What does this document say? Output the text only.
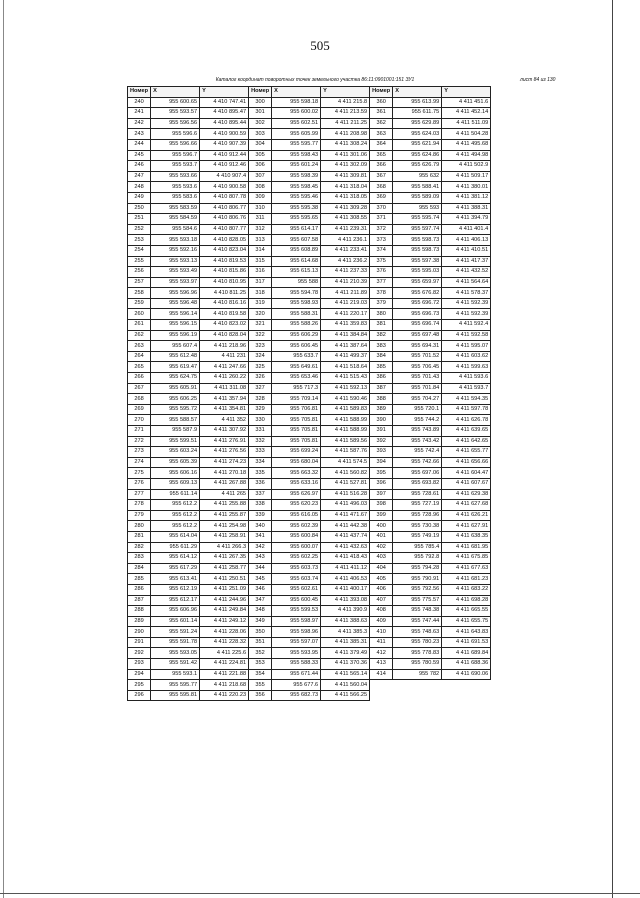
505
Каталог координат поворотных точек земельного участка 86:11:0901001:151 ЗУ1	лист 84 из 130
Номер	X	Y	Номер	X	Y	Номер	X	Y
240	955 600.65	4 410 747.41	300	955 598.18	4 411 215.8	360	955 613.99	4 411 451.6
241	955 593.57	4 410 895.47	301	955 600.02	4 411 213.59	361	955 611.75	4 411 452.14
242	955 596.56	4 410 895.44	302	955 602.51	4 411 211.25	362	955 629.89	4 411 511.09
243	955 596.6	4 410 900.59	303	955 605.99	4 411 208.98	363	955 624.03	4 411 504.28
244	955 596.66	4 410 907.39	304	955 595.77	4 411 308.24	364	955 621.94	4 411 495.68
245	955 596.7	4 410 912.44	305	955 598.43	4 411 301.06	365	955 624.86	4 411 494.98
246	955 593.7	4 410 912.46	306	955 601.24	4 411 302.09	366	955 626.79	4 411 502.9
247	955 593.66	4 410 907.4	307	955 598.39	4 411 309.81	367	955 632	4 411 509.17
248	955 593.6	4 410 900.58	308	955 598.45	4 411 318.04	368	955 588.41	4 411 380.01
249	955 583.6	4 410 807.78	309	955 595.46	4 411 318.05	369	955 589.09	4 411 381.12
250	955 583.59	4 410 806.77	310	955 595.38	4 411 309.28	370	955 593	4 411 388.31
251	955 584.59	4 410 806.76	311	955 595.65	4 411 308.55	371	955 595.74	4 411 394.79
252	955 584.6	4 410 807.77	312	955 614.17	4 411 239.31	372	955 597.74	4 411 401.4
253	955 593.18	4 410 828.05	313	955 607.58	4 411 236.1	373	955 598.73	4 411 406.13
254	955 592.16	4 410 823.04	314	955 608.89	4 411 233.41	374	955 598.73	4 411 410.51
255	955 593.13	4 410 819.53	315	955 614.68	4 411 236.2	375	955 597.38	4 411 417.37
256	955 593.49	4 410 815.86	316	955 615.13	4 411 237.33	376	955 595.03	4 411 432.52
257	955 593.97	4 410 810.95	317	955 588	4 411 210.39	377	955 659.97	4 411 564.64
258	955 596.96	4 410 811.25	318	955 594.78	4 411 211.89	378	955 676.82	4 411 578.37
259	955 596.48	4 410 816.16	319	955 598.93	4 411 219.03	379	955 696.72	4 411 592.39
260	955 596.14	4 410 819.58	320	955 588.31	4 411 220.17	380	955 696.73	4 411 592.39
261	955 596.15	4 410 823.02	321	955 588.26	4 411 359.83	381	955 696.74	4 411 592.4
262	955 596.19	4 410 828.04	322	955 606.29	4 411 384.84	382	955 697.48	4 411 592.58
263	955 607.4	4 411 218.96	323	955 606.45	4 411 387.64	383	955 694.31	4 411 595.07
264	955 612.48	4 411 231	324	955 633.7	4 411 499.37	384	955 701.52	4 411 603.62
265	955 619.47	4 411 247.66	325	955 649.61	4 411 518.64	385	955 706.45	4 411 599.63
266	955 624.75	4 411 260.22	326	955 653.46	4 411 515.43	386	955 701.43	4 411 593.6
267	955 605.91	4 411 311.08	327	955 717.3	4 411 592.13	387	955 701.84	4 411 593.7
268	955 606.25	4 411 357.94	328	955 709.14	4 411 590.46	388	955 704.27	4 411 594.35
269	955 595.72	4 411 354.81	329	955 706.81	4 411 589.83	389	955 720.1	4 411 597.78
270	955 588.57	4 411 352	330	955 705.81	4 411 588.99	390	955 744.2	4 411 626.78
271	955 587.9	4 411 307.92	331	955 705.81	4 411 588.99	391	955 743.89	4 411 639.65
272	955 599.51	4 411 276.91	332	955 705.81	4 411 589.56	392	955 743.42	4 411 642.65
273	955 603.24	4 411 276.56	333	955 699.24	4 411 587.76	393	955 742.4	4 411 655.77
274	955 605.39	4 411 274.23	334	955 680.04	4 411 574.5	394	955 742.66	4 411 656.66
275	955 606.16	4 411 270.18	335	955 663.32	4 411 560.82	395	955 697.06	4 411 604.47
276	955 609.13	4 411 267.88	336	955 633.16	4 411 527.81	396	955 693.82	4 411 607.67
277	955 611.14	4 411 265	337	955 626.97	4 411 516.28	397	955 728.61	4 411 629.38
278	955 612.2	4 411 255.88	338	955 620.23	4 411 496.03	398	955 727.19	4 411 627.68
279	955 612.2	4 411 255.87	339	955 616.05	4 411 471.67	399	955 728.96	4 411 626.21
280	955 612.2	4 411 254.98	340	955 602.39	4 411 442.38	400	955 730.38	4 411 627.91
281	955 614.04	4 411 258.91	341	955 600.84	4 411 437.74	401	955 749.19	4 411 638.35
282	955 611.29	4 411 266.3	342	955 600.07	4 411 432.63	402	955 785.4	4 411 681.95
283	955 614.12	4 411 267.35	343	955 602.25	4 411 418.43	403	955 792.8	4 411 675.85
284	955 617.29	4 411 258.77	344	955 603.73	4 411 411.12	404	955 794.28	4 411 677.63
285	955 613.41	4 411 250.51	345	955 603.74	4 411 406.53	405	955 790.91	4 411 681.23
286	955 612.19	4 411 251.09	346	955 602.61	4 411 400.17	406	955 792.56	4 411 683.22
287	955 612.17	4 411 244.96	347	955 600.45	4 411 393.08	407	955 775.57	4 411 698.28
288	955 606.96	4 411 249.84	348	955 599.53	4 411 390.9	408	955 748.38	4 411 665.55
289	955 601.14	4 411 249.12	349	955 598.97	4 411 388.63	409	955 747.44	4 411 655.75
290	955 591.24	4 411 228.06	350	955 598.96	4 411 385.3	410	955 748.63	4 411 643.83
291	955 591.78	4 411 228.32	351	955 597.07	4 411 385.31	411	955 780.23	4 411 691.53
292	955 593.05	4 411 225.6	352	955 593.95	4 411 379.49	412	955 778.83	4 411 689.84
293	955 591.42	4 411 224.81	353	955 588.33	4 411 370.36	413	955 780.59	4 411 688.36
294	955 593.1	4 411 221.88	354	955 671.44	4 411 565.14	414	955 782	4 411 690.06
295	955 595.77	4 411 218.68	355	955 677.6	4 411 560.04			
296	955 595.81	4 411 220.23	356	955 682.73	4 411 566.25			
